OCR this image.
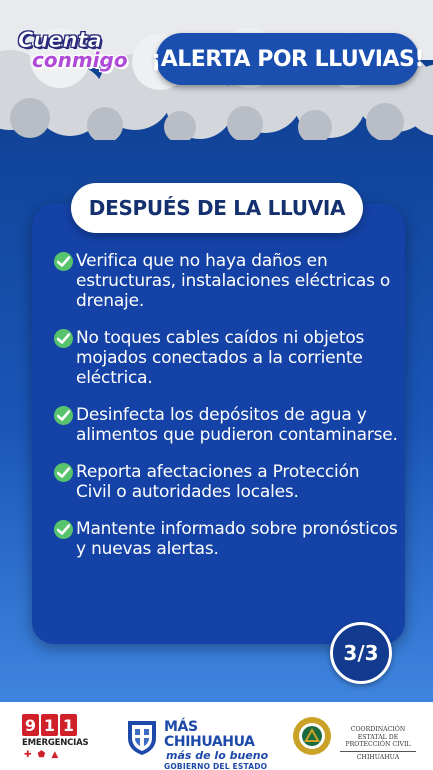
Cuenta
conmigo ¡ALERTA POR LLUVIAS!
DESPUÉS DE LA LLUVIA
Verifica que no haya daños en estructuras, instalaciones eléctricas o drenaje.
No toques cables caídos ni objetos mojados conectados a la corriente eléctrica.
Desinfecta los depósitos de agua y alimentos que pudieron contaminarse.
Reporta afectaciones a Protección Civil o autoridades locales.
Mantente informado sobre pronósticos y nuevas alertas.
3/3
9 1 1
EMERGENCIAS
✚ ⬟ ▲
MÁS CHIHUAHUA
más de lo bueno
GOBIERNO DEL ESTADO
COORDINACIÓN ESTATAL DE PROTECCIÓN CIVIL
CHIHUAHUA
